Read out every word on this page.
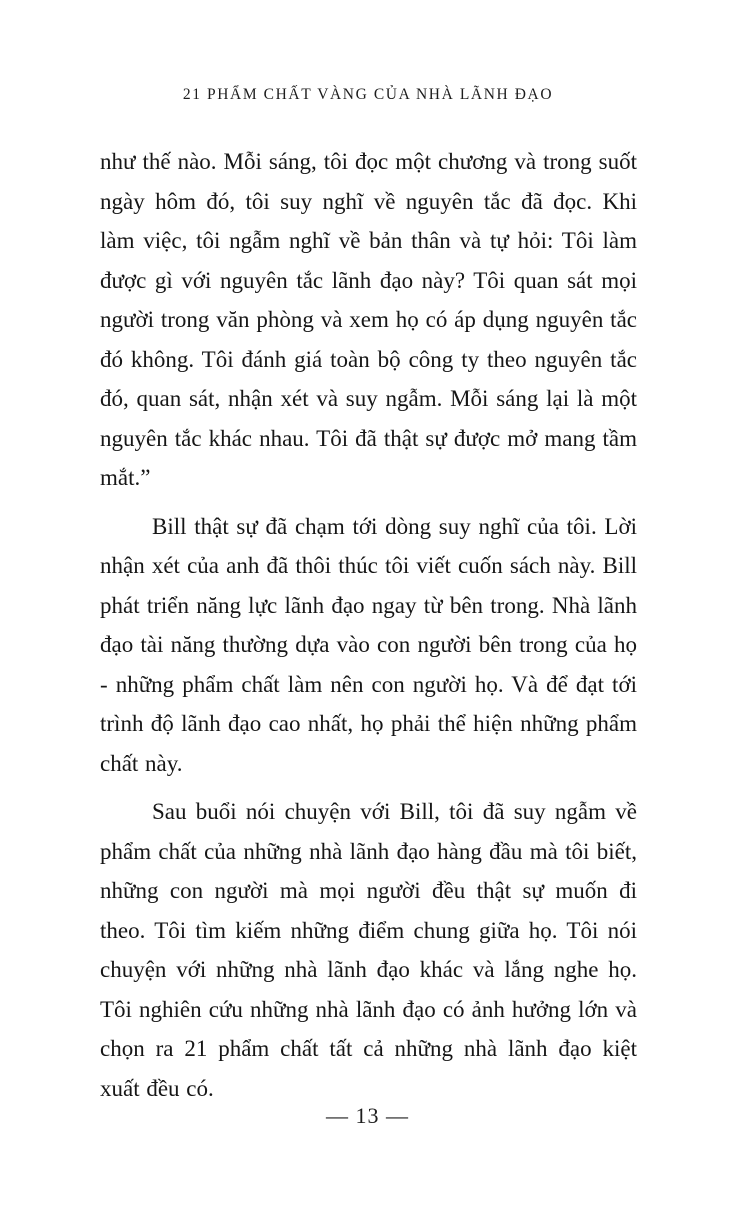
21 PHẨM CHẤT VÀNG CỦA NHÀ LÃNH ĐẠO

như thế nào. Mỗi sáng, tôi đọc một chương và trong suốt ngày hôm đó, tôi suy nghĩ về nguyên tắc đã đọc. Khi làm việc, tôi ngẫm nghĩ về bản thân và tự hỏi: Tôi làm được gì với nguyên tắc lãnh đạo này? Tôi quan sát mọi người trong văn phòng và xem họ có áp dụng nguyên tắc đó không. Tôi đánh giá toàn bộ công ty theo nguyên tắc đó, quan sát, nhận xét và suy ngẫm. Mỗi sáng lại là một nguyên tắc khác nhau. Tôi đã thật sự được mở mang tầm mắt.”

Bill thật sự đã chạm tới dòng suy nghĩ của tôi. Lời nhận xét của anh đã thôi thúc tôi viết cuốn sách này. Bill phát triển năng lực lãnh đạo ngay từ bên trong. Nhà lãnh đạo tài năng thường dựa vào con người bên trong của họ - những phẩm chất làm nên con người họ. Và để đạt tới trình độ lãnh đạo cao nhất, họ phải thể hiện những phẩm chất này.

Sau buổi nói chuyện với Bill, tôi đã suy ngẫm về phẩm chất của những nhà lãnh đạo hàng đầu mà tôi biết, những con người mà mọi người đều thật sự muốn đi theo. Tôi tìm kiếm những điểm chung giữa họ. Tôi nói chuyện với những nhà lãnh đạo khác và lắng nghe họ. Tôi nghiên cứu những nhà lãnh đạo có ảnh hưởng lớn và chọn ra 21 phẩm chất tất cả những nhà lãnh đạo kiệt xuất đều có.

— 13 —
